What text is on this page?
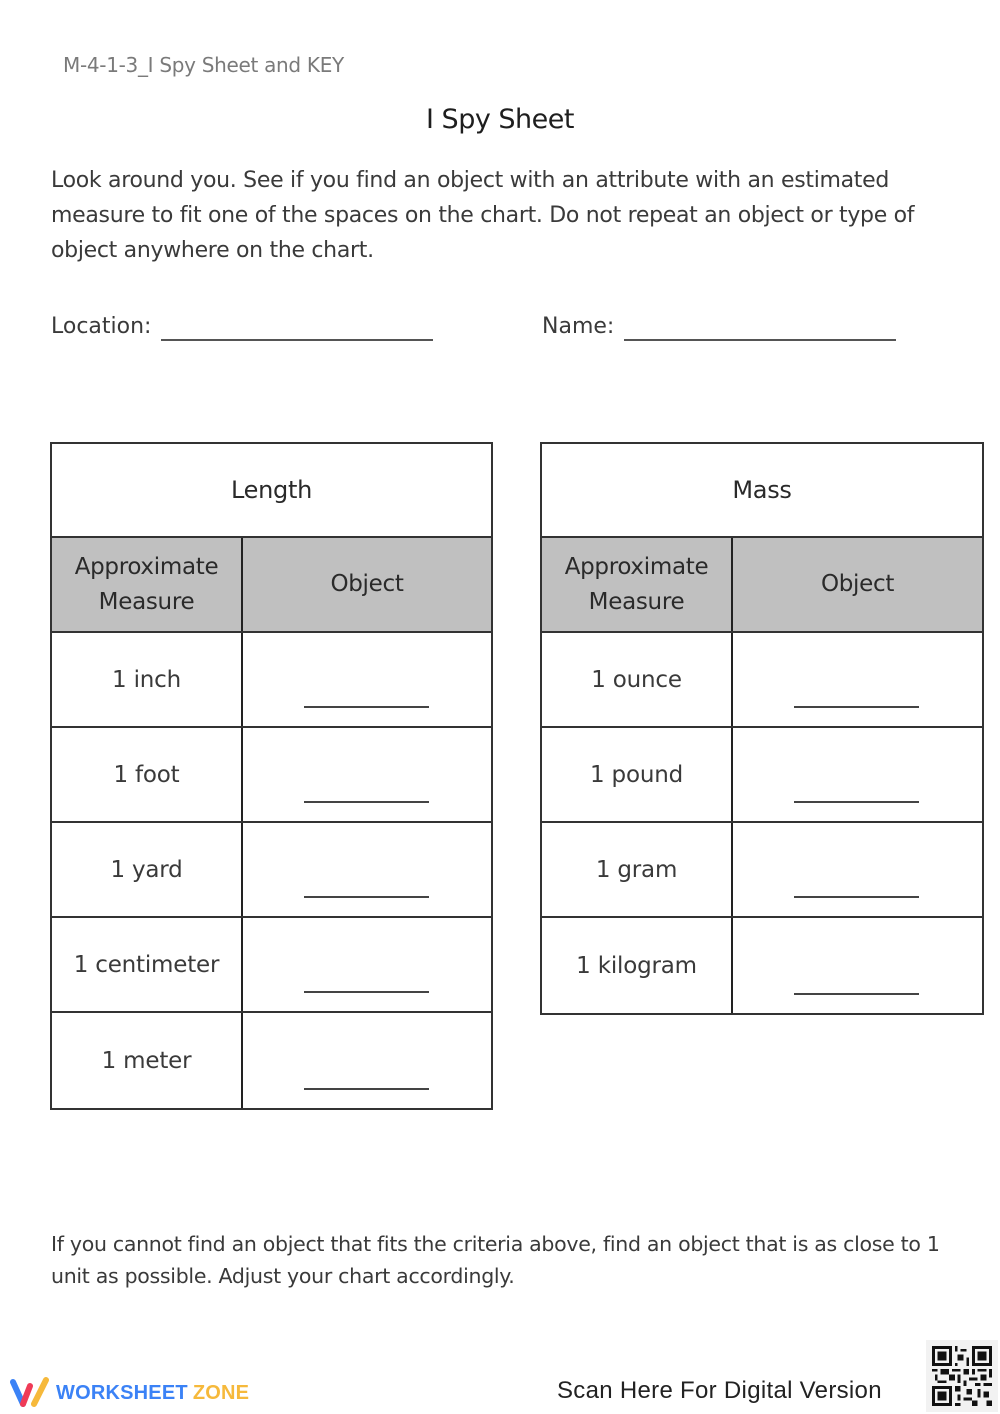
M-4-1-3_I Spy Sheet and KEY
I Spy Sheet
Look around you. See if you find an object with an attribute with an estimated measure to fit one of the spaces on the chart. Do not repeat an object or type of object anywhere on the chart.
Location:	Name:
Length
Approximate Measure
Object
1 inch
1 foot
1 yard
1 centimeter
1 meter
Mass
Approximate Measure
Object
1 ounce
1 pound
1 gram
1 kilogram
If you cannot find an object that fits the criteria above, find an object that is as close to 1 unit as possible. Adjust your chart accordingly.
WORKSHEET ZONE	Scan Here For Digital Version
